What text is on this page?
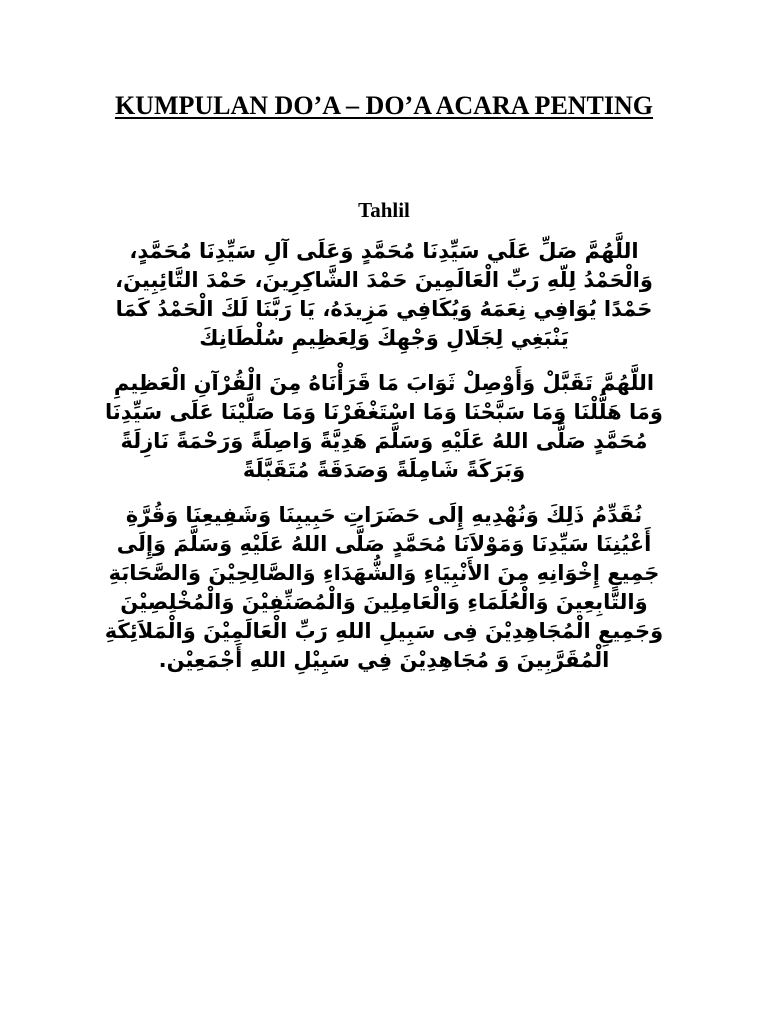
KUMPULAN DO’A – DO’A ACARA PENTING
Tahlil

اللَّهُمَّ صَلِّ عَلَي سَيِّدِنَا مُحَمَّدٍ وَعَلَى آلِ سَيِّدِنَا مُحَمَّدٍ، وَالْحَمْدُ لِلّهِ رَبِّ الْعَالَمِينَ حَمْدَ الشَّاكِرِينَ، حَمْدَ التَّائِبِينَ، حَمْدًا يُوَافِي نِعَمَهُ وَيُكَافِي مَزِيدَهُ، يَا رَبَّنَا لَكَ الْحَمْدُ كَمَا يَنْبَغِي لِجَلَالِ وَجْهِكَ وَلِعَظِيمِ سُلْطَانِكَ

اللَّهُمَّ تَقَبَّلْ وَأَوْصِلْ ثَوَابَ مَا قَرَأْنَاهُ مِنَ الْقُرْآنِ الْعَظِيمِ وَمَا هَلَّلْنَا وَمَا سَبَّحْنَا وَمَا اسْتَغْفَرْنَا وَمَا صَلَّيْنَا عَلَى سَيِّدِنَا مُحَمَّدٍ صَلَّى اللهُ عَلَيْهِ وَسَلَّمَ هَدِيَّةً وَاصِلَةً وَرَحْمَةً نَازِلَةً وَبَرَكَةً شَامِلَةً وَصَدَقَةً مُتَقَبَّلَةً

نُقَدِّمُ ذَلِكَ وَنُهْدِيهِ إِلَى حَضَرَاتِ حَبِيبِنَا وَشَفِيعِنَا وَقُرَّةِ أَعْيُنِنَا سَيِّدِنَا وَمَوْلاَنَا مُحَمَّدٍ صَلَّى اللهُ عَلَيْهِ وَسَلَّمَ وَإِلَى جَمِيعِ إِخْوَانِهِ مِنَ الأَنْبِيَاءِ وَالشُّهَدَاءِ وَالصَّالِحِيْنَ وَالصَّحَابَةِ وَالتَّابِعِينَ وَالْعُلَمَاءِ وَالْعَامِلِينَ وَالْمُصَنِّفِيْنَ وَالْمُخْلِصِيْنَ وَجَمِيعِ الْمُجَاهِدِيْنَ فِى سَبِيلِ اللهِ رَبِّ الْعَالَمِيْنَ وَالْمَلاَئِكَةِ الْمُقَرَّبِينَ وَ مُجَاهِدِيْنَ فِي سَبِيْلِ اللهِ أَجْمَعِيْن.
